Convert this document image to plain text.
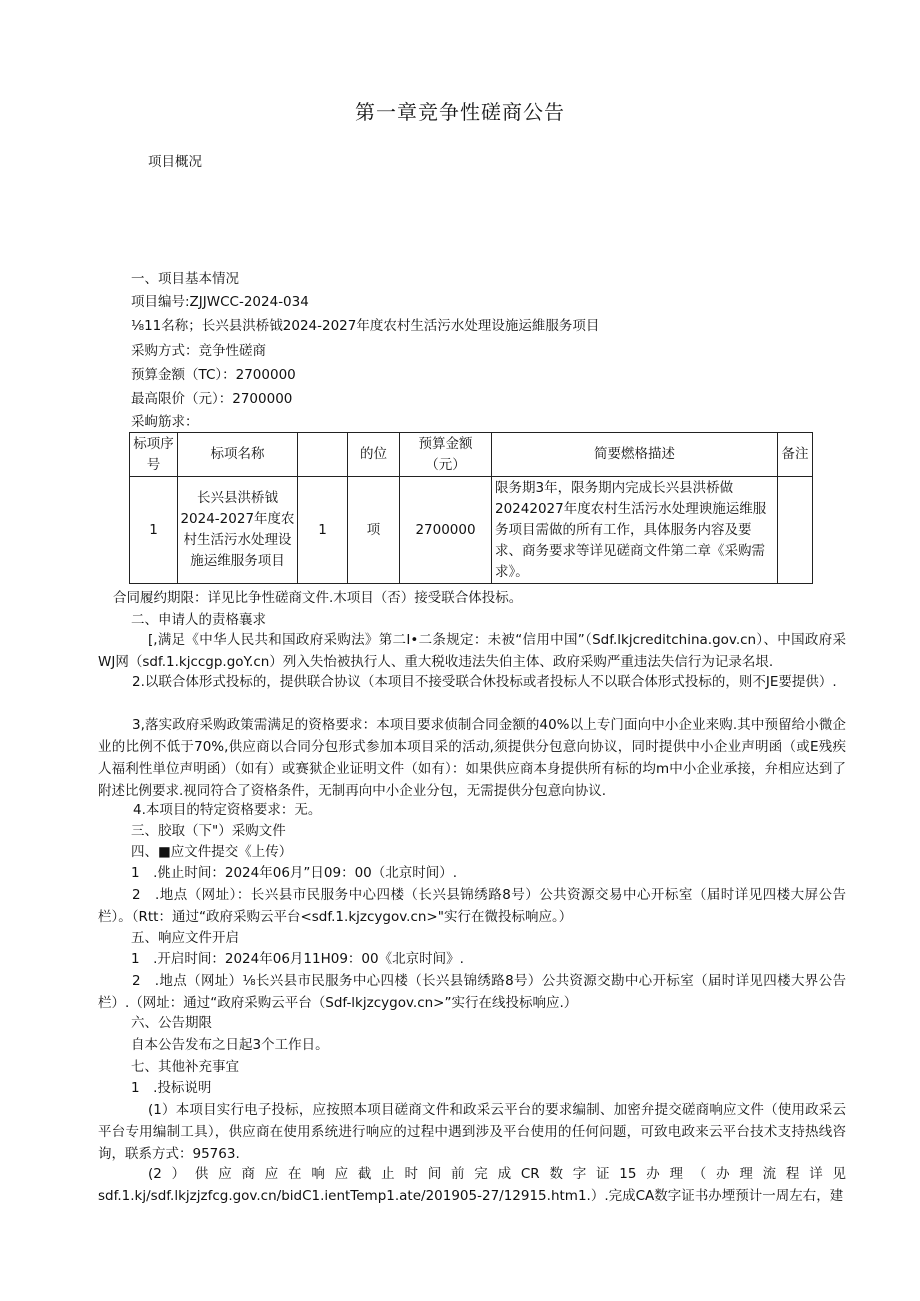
第一章竞争性磋商公告
项目概况
一、项目基本情况
项目编号:ZJJWCC-2024-034
⅛11名称；长兴县洪桥钺2024-2027年度农村生活污水处理设施运維服务项目
采购方式：竞争性磋商
预算金额（TC）：2700000
最高限价（元）：2700000
采岣筋求：
标项序号	标项名称		的位	预算金额（元）	简要燃格描述	备注
1	长兴县洪桥钺2024-2027年度农村生活污水处理设施运维服务项目	1	项	2700000	限务期3年，限务期内完成长兴县洪桥做20242027年度农村生活污水处理谀施运维服务项目需做的所有工作，具体服务内容及要求、商务要求等详见磋商文件第二章《采购需求》。	
合同履约期限：详见比争性磋商文件.木项目（否）接受联合体投标。
二、申请人的责格襄求
[,满足《中华人民共和国政府采购法》第二I•二条规定：未被“信用中国”（Sdf.lkjcreditchina.gov.cn）、中国政府采WJ网（sdf.1.kjccgp.goY.cn）列入失怡被执行人、重大税收违法失伯主体、政府采购严重违法失信行为记录名垠.
2.以联合体形式投标的，提供联合协议（本项目不接受联合休投标或者投标人不以联合体形式投标的，则不JE要提供）.
3,落实政府采购政策需满足的资格要求：本项目要求侦制合同金额的40%以上专门面向中小企业来购.其中预留给小微企业的比例不低于70%,供应商以合同分包形式参加本项目采的活动,须提供分包意向协议，同时提供中小企业声明函（或E残疾人福利性単位声明函）（如有）或赛狱企业证明文件（如有）：如果供应商本身提供所有标的均m中小企业承接，弁相应达到了附述比例要求.视同符合了资格条件，无制再向中小企业分包，无需提供分包意向协议.
4.本项目的特定资格要求：无。
三、胶取（下"）采购文件
四、■应文件提交《上传）
1　.佻止时间：2024年06月”日09：00（北京时间）.
2　.地点（网址）：长兴县市民服务中心四楼（长兴县锦绣路8号）公共资源交易中心开标室（届时详见四楼大屏公告栏）。（Rtt：通过“政府采购云平台<sdf.1.kjzcygov.cn>"实行在微投标响应。）
五、响应文件开启
1　.开启时间：2024年06月11H09：00《北京时间》.
2　.地点（网址）⅛长兴县市民服务中心四楼（长兴县锦绣路8号）公共资源交勘中心开标室（届时详见四楼大界公告栏）.（网址：通过“政府采购云平台（Sdf-lkjzcygov.cn>”实行在线投标响应.）
六、公告期限
自本公告发布之日起3个工作日。
七、其他补充事宜
1　.投标说明
(1）本项目实行电子投标，应按照本项目磋商文件和政采云平台的要求编制、加密弁提交磋商响应文件（使用政采云平台专用编制工具），供应商在使用系统进行响应的过程中遇到涉及平台使用的任何问题，可致电政来云平台技术支持热线咨询，联系方式：95763.
(2）供应商应在响应截止时间前完成CR数字证15办理（办理流程详见sdf.1.kj∕sdf.lkjzjzfcg.gov.cn/bidC1.ientTemp1.ate/201905-27/12915.htm1.）.完成CA数字证书办堙预计一周左右，建
